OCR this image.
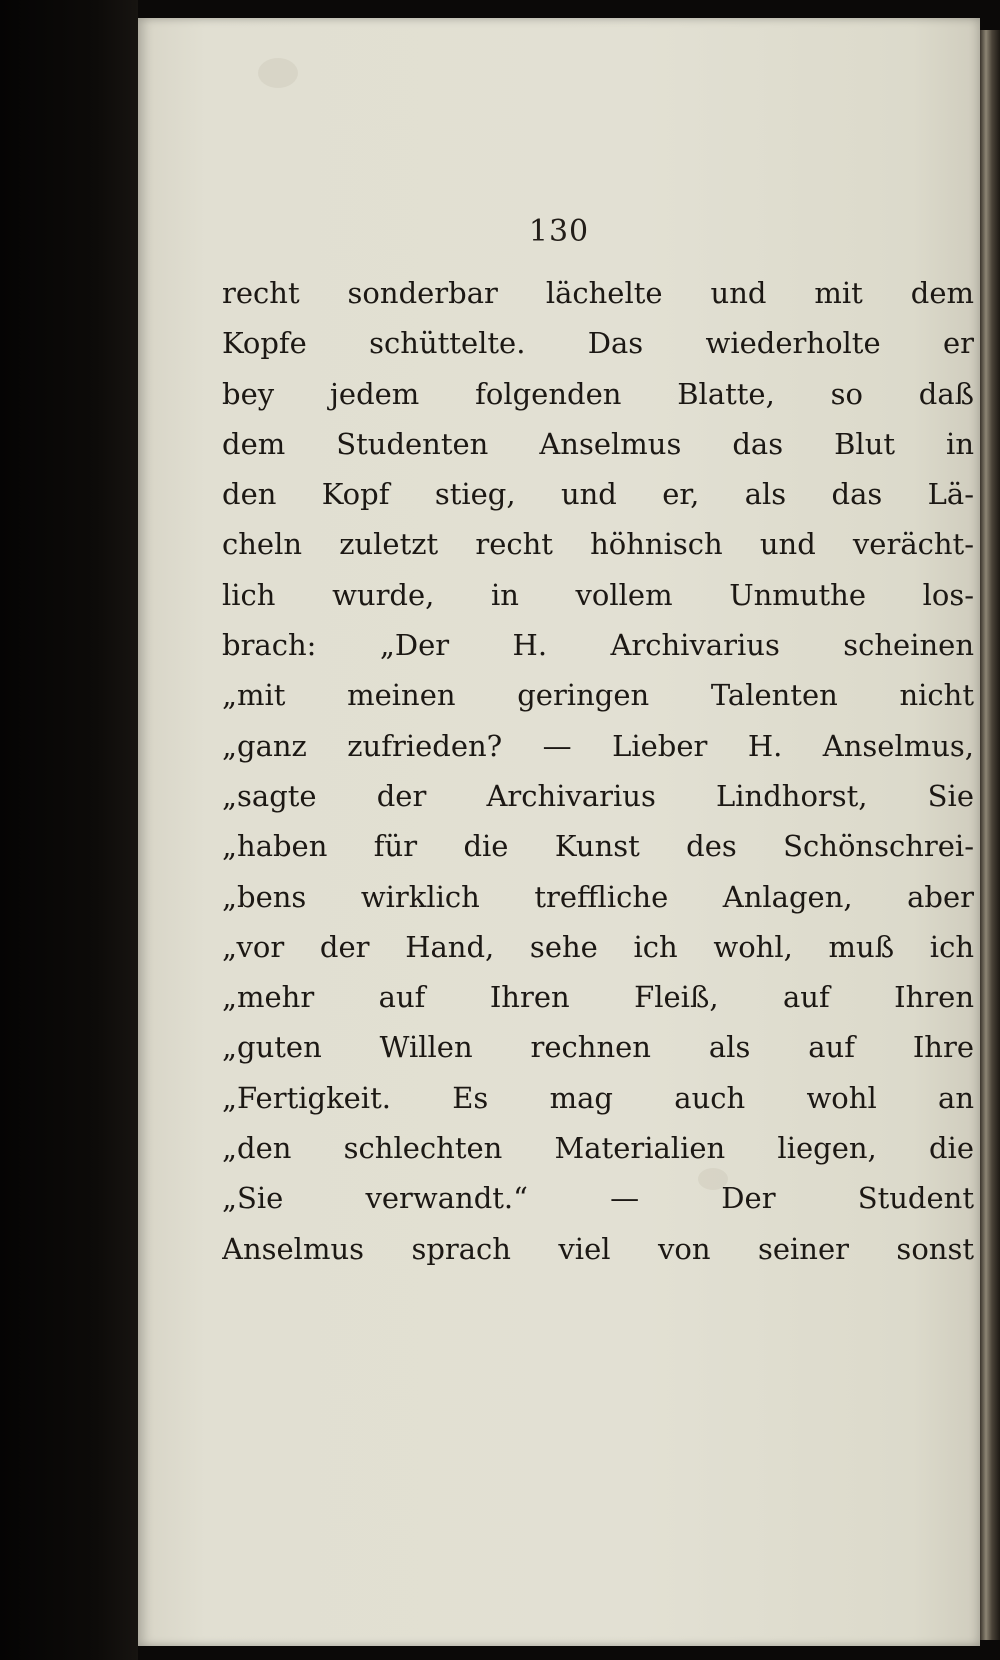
130
recht sonderbar lächelte und mit dem
Kopfe schüttelte. Das wiederholte er
bey jedem folgenden Blatte, so daß
dem Studenten Anselmus das Blut in
den Kopf stieg, und er, als das Lä-
cheln zuletzt recht höhnisch und verächt-
lich wurde, in vollem Unmuthe los-
brach: „Der H. Archivarius scheinen
„mit meinen geringen Talenten nicht
„ganz zufrieden? — Lieber H. Anselmus,
„sagte der Archivarius Lindhorst, Sie
„haben für die Kunst des Schönschrei-
„bens wirklich treffliche Anlagen, aber
„vor der Hand, sehe ich wohl, muß ich
„mehr auf Ihren Fleiß, auf Ihren
„guten Willen rechnen als auf Ihre
„Fertigkeit. Es mag auch wohl an
„den schlechten Materialien liegen, die
„Sie verwandt.“ — Der Student
Anselmus sprach viel von seiner sonst
